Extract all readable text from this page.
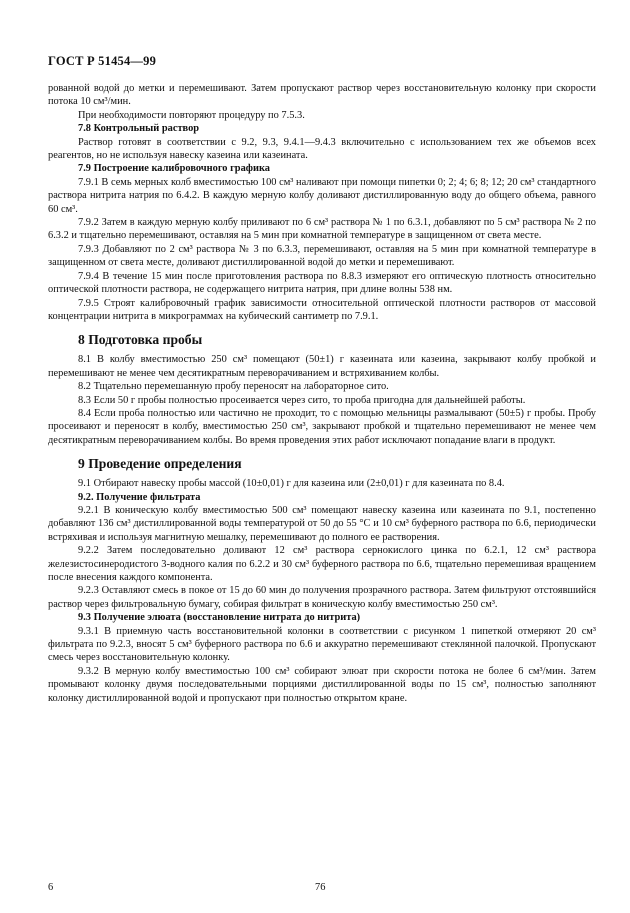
ГОСТ Р 51454—99

рованной водой до метки и перемешивают. Затем пропускают раствор через восстановительную колонку при скорости потока 10 см³/мин.

При необходимости повторяют процедуру по 7.5.3.

7.8 Контрольный раствор

Раствор готовят в соответствии с 9.2, 9.3, 9.4.1—9.4.3 включительно с использованием тех же объемов всех реагентов, но не используя навеску казеина или казеината.

7.9 Построение калибровочного графика

7.9.1 В семь мерных колб вместимостью 100 см³ наливают при помощи пипетки 0; 2; 4; 6; 8; 12; 20 см³ стандартного раствора нитрита натрия по 6.4.2. В каждую мерную колбу доливают дистиллированную воду до общего объема, равного 60 см³.

7.9.2 Затем в каждую мерную колбу приливают по 6 см³ раствора № 1 по 6.3.1, добавляют по 5 см³ раствора № 2 по 6.3.2 и тщательно перемешивают, оставляя на 5 мин при комнатной температуре в защищенном от света месте.

7.9.3 Добавляют по 2 см³ раствора № 3 по 6.3.3, перемешивают, оставляя на 5 мин при комнатной температуре в защищенном от света месте, доливают дистиллированной водой до метки и перемешивают.

7.9.4 В течение 15 мин после приготовления раствора по 8.8.3 измеряют его оптическую плотность относительно оптической плотности раствора, не содержащего нитрита натрия, при длине волны 538 нм.

7.9.5 Строят калибровочный график зависимости относительной оптической плотности растворов от массовой концентрации нитрита в микрограммах на кубический сантиметр по 7.9.1.

8 Подготовка пробы

8.1 В колбу вместимостью 250 см³ помещают (50±1) г казеината или казеина, закрывают колбу пробкой и перемешивают не менее чем десятикратным переворачиванием и встряхиванием колбы.

8.2 Тщательно перемешанную пробу переносят на лабораторное сито.

8.3 Если 50 г пробы полностью просеивается через сито, то проба пригодна для дальнейшей работы.

8.4 Если проба полностью или частично не проходит, то с помощью мельницы размалывают (50±5) г пробы. Пробу просеивают и переносят в колбу, вместимостью 250 см³, закрывают пробкой и тщательно перемешивают не менее чем десятикратным переворачиванием колбы. Во время проведения этих работ исключают попадание влаги в продукт.

9 Проведение определения

9.1 Отбирают навеску пробы массой (10±0,01) г для казеина или (2±0,01) г для казеината по 8.4.

9.2. Получение фильтрата

9.2.1 В коническую колбу вместимостью 500 см³ помещают навеску казеина или казеината по 9.1, постепенно добавляют 136 см³ дистиллированной воды температурой от 50 до 55 °С и 10 см³ буферного раствора по 6.6, периодически встряхивая и используя магнитную мешалку, перемешивают до полного ее растворения.

9.2.2 Затем последовательно доливают 12 см³ раствора сернокислого цинка по 6.2.1, 12 см³ раствора железистосинеродистого 3-водного калия по 6.2.2 и 30 см³ буферного раствора по 6.6, тщательно перемешивая вращением после внесения каждого компонента.

9.2.3 Оставляют смесь в покое от 15 до 60 мин до получения прозрачного раствора. Затем фильтруют отстоявшийся раствор через фильтровальную бумагу, собирая фильтрат в коническую колбу вместимостью 250 см³.

9.3 Получение элюата (восстановление нитрата до нитрита)

9.3.1 В приемную часть восстановительной колонки в соответствии с рисунком 1 пипеткой отмеряют 20 см³ фильтрата по 9.2.3, вносят 5 см³ буферного раствора по 6.6 и аккуратно перемешивают стеклянной палочкой. Пропускают смесь через восстановительную колонку.

9.3.2 В мерную колбу вместимостью 100 см³ собирают элюат при скорости потока не более 6 см³/мин. Затем промывают колонку двумя последовательными порциями дистиллированной воды по 15 см³, полностью заполняют колонку дистиллированной водой и пропускают при полностью открытом кране.

6	76
